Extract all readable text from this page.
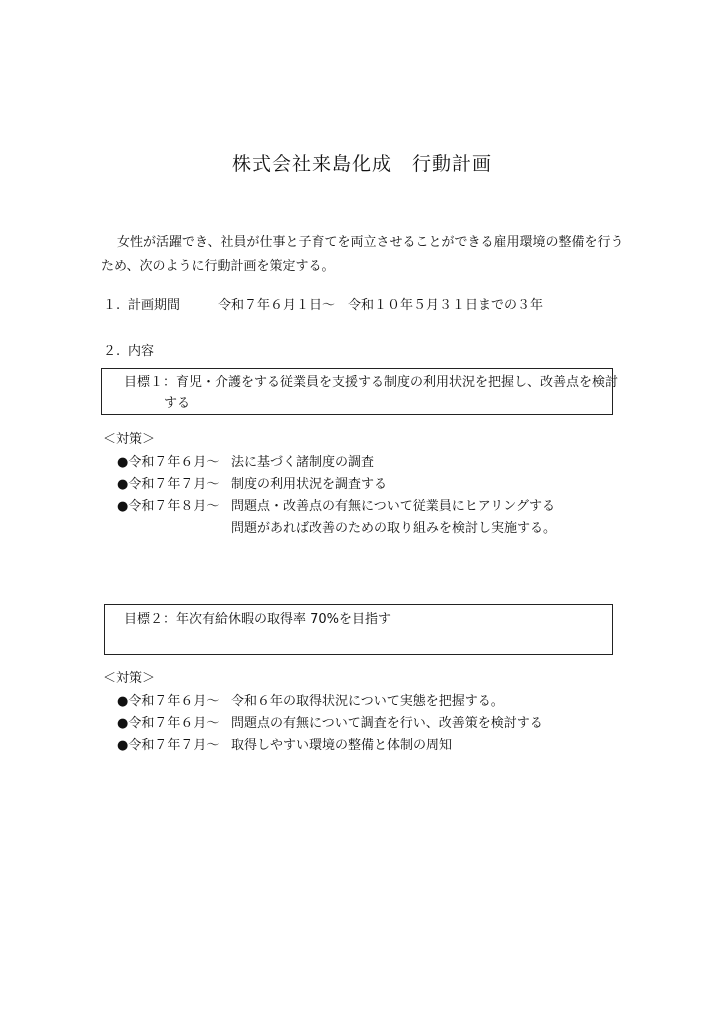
株式会社来島化成　行動計画
女性が活躍でき、社員が仕事と子育てを両立させることができる雇用環境の整備を行う
ため、次のように行動計画を策定する。
１. 計画期間	令和７年６月１日～　令和１０年５月３１日までの３年
２. 内容
目標１：育児・介護をする従業員を支援する制度の利用状況を把握し、改善点を検討
する
＜対策＞
●令和７年６月～ 法に基づく諸制度の調査
●令和７年７月～ 制度の利用状況を調査する
●令和７年８月～ 問題点・改善点の有無について従業員にヒアリングする
問題があれば改善のための取り組みを検討し実施する。
目標２：年次有給休暇の取得率 70%を目指す
＜対策＞
●令和７年６月～ 令和６年の取得状況について実態を把握する。
●令和７年６月～ 問題点の有無について調査を行い、改善策を検討する
●令和７年７月～ 取得しやすい環境の整備と体制の周知
